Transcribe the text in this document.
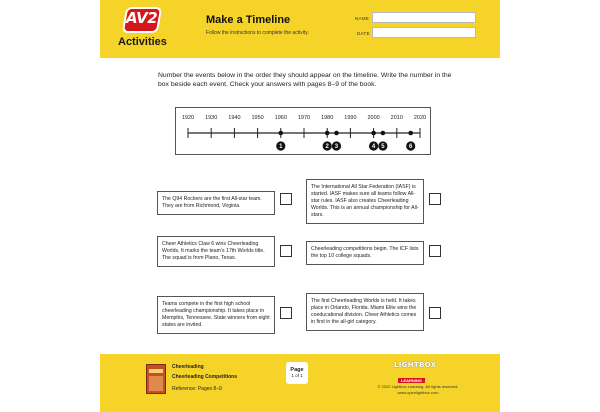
AV2
Activities
Make a Timeline
Follow the instructions to complete the activity.
NAME
DATE
Number the events below in the order they should appear on the timeline. Write the number in the box beside each event. Check your answers with pages 8–9 of the book.
1920 1930 1940 1950 1960 1970 1980 1990 2000 2010 2020
1	2 3	4 5	6
The Q94 Rockers are the first All-star team. They are from Richmond, Virginia.
The International All Star Federation (IASF) is started. IASF makes sure all teams follow All-star rules. IASF also creates Cheerleading Worlds. This is an annual championship for All-stars.
Cheer Athletics Claw 6 wins Cheerleading Worlds. It marks the team’s 17th Worlds title. The squad is from Plano, Texas.
Cheerleading competitions begin. The ICF lists the top 10 college squads.
Teams compete in the first high school cheerleading championship. It takes place in Memphis, Tennessee. State winners from eight states are invited.
The first Cheerleading Worlds is held. It takes place in Orlando, Florida. Miami Elite wins the coeducational division. Cheer Athletics comes in first in the all-girl category.
Cheerleading
Cheerleading Competitions
Reference: Pages 8–9
Page
1 of 1
LIGHTBOX
LEARNING
© 2022 Lightbox Learning. All rights reserved.
www.openlightbox.com
